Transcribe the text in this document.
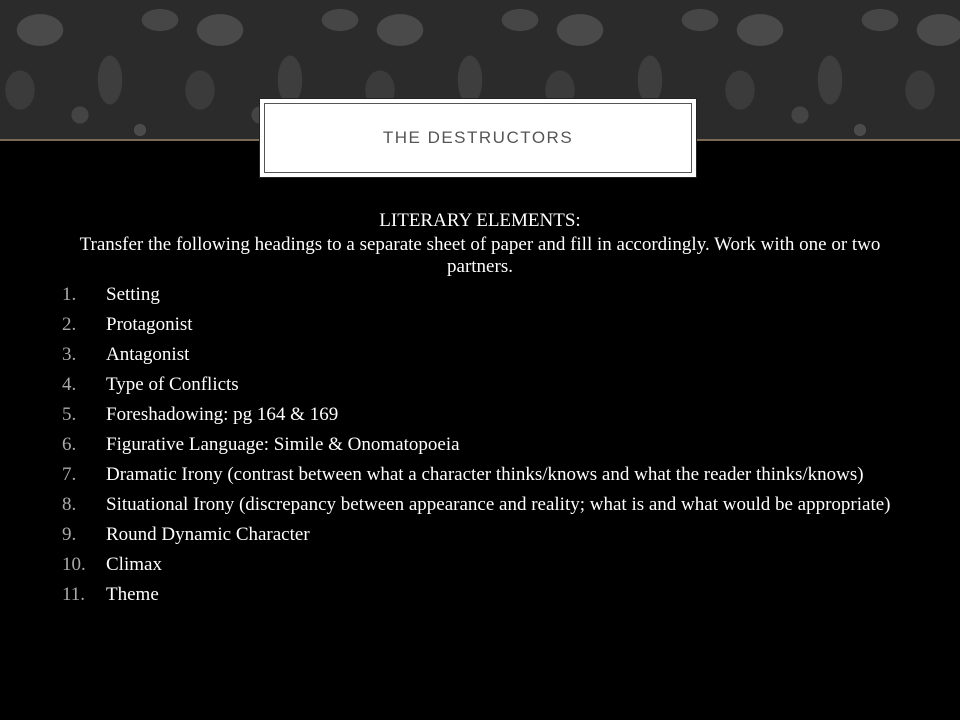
THE DESTRUCTORS

LITERARY ELEMENTS:

Transfer the following headings to a separate sheet of paper and fill in accordingly. Work with one or two partners.

1.	Setting
2.	Protagonist
3.	Antagonist
4.	Type of Conflicts
5.	Foreshadowing: pg 164 & 169
6.	Figurative Language: Simile & Onomatopoeia
7.	Dramatic Irony (contrast between what a character thinks/knows and what the reader thinks/knows)
8.	Situational Irony (discrepancy between appearance and reality; what is and what would be appropriate)
9.	Round Dynamic Character
10.	Climax
11.	Theme
